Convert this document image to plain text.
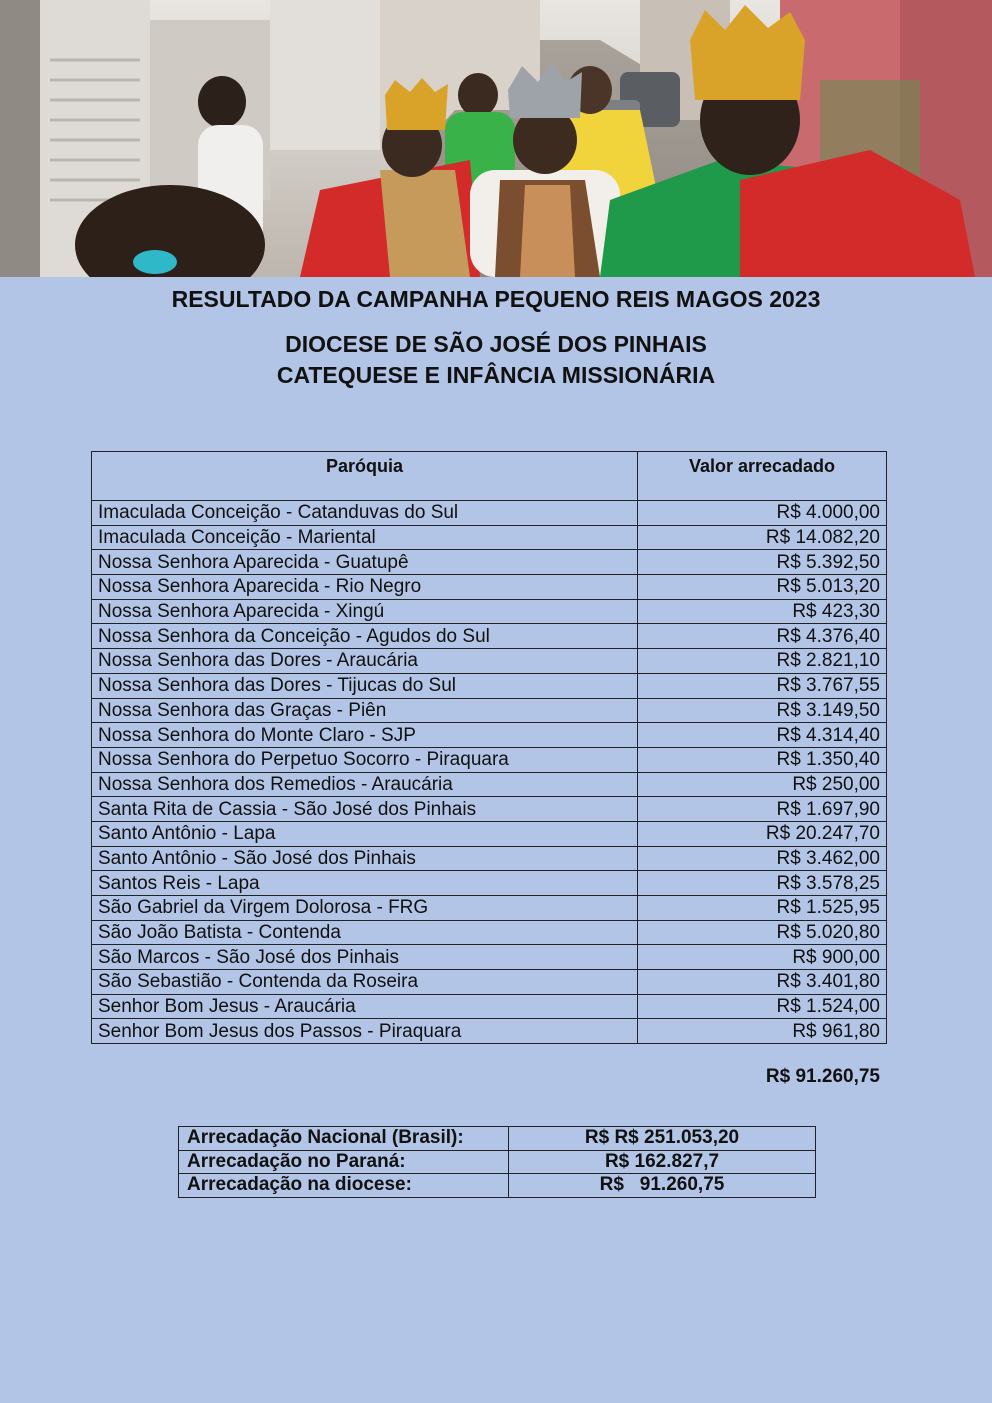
RESULTADO DA CAMPANHA PEQUENO REIS MAGOS 2023
DIOCESE DE SÃO JOSÉ DOS PINHAIS
CATEQUESE E INFÂNCIA MISSIONÁRIA
Paróquia	Valor arrecadado
Imaculada Conceição - Catanduvas do Sul	R$ 4.000,00
Imaculada Conceição - Mariental	R$ 14.082,20
Nossa Senhora Aparecida - Guatupê	R$ 5.392,50
Nossa Senhora Aparecida - Rio Negro	R$ 5.013,20
Nossa Senhora Aparecida - Xingú	R$ 423,30
Nossa Senhora da Conceição - Agudos do Sul	R$ 4.376,40
Nossa Senhora das Dores - Araucária	R$ 2.821,10
Nossa Senhora das Dores - Tijucas do Sul	R$ 3.767,55
Nossa Senhora das Graças - Piên	R$ 3.149,50
Nossa Senhora do Monte Claro - SJP	R$ 4.314,40
Nossa Senhora do Perpetuo Socorro - Piraquara	R$ 1.350,40
Nossa Senhora dos Remedios - Araucária	R$ 250,00
Santa Rita de Cassia - São José dos Pinhais	R$ 1.697,90
Santo Antônio - Lapa	R$ 20.247,70
Santo Antônio - São José dos Pinhais	R$ 3.462,00
Santos Reis - Lapa	R$ 3.578,25
São Gabriel da Virgem Dolorosa - FRG	R$ 1.525,95
São João Batista - Contenda	R$ 5.020,80
São Marcos - São José dos Pinhais	R$ 900,00
São Sebastião - Contenda da Roseira	R$ 3.401,80
Senhor Bom Jesus - Araucária	R$ 1.524,00
Senhor Bom Jesus dos Passos - Piraquara	R$ 961,80
R$ 91.260,75
Arrecadação Nacional (Brasil):	R$ R$ 251.053,20
Arrecadação no Paraná:	R$ 162.827,7
Arrecadação na diocese:	R$   91.260,75
